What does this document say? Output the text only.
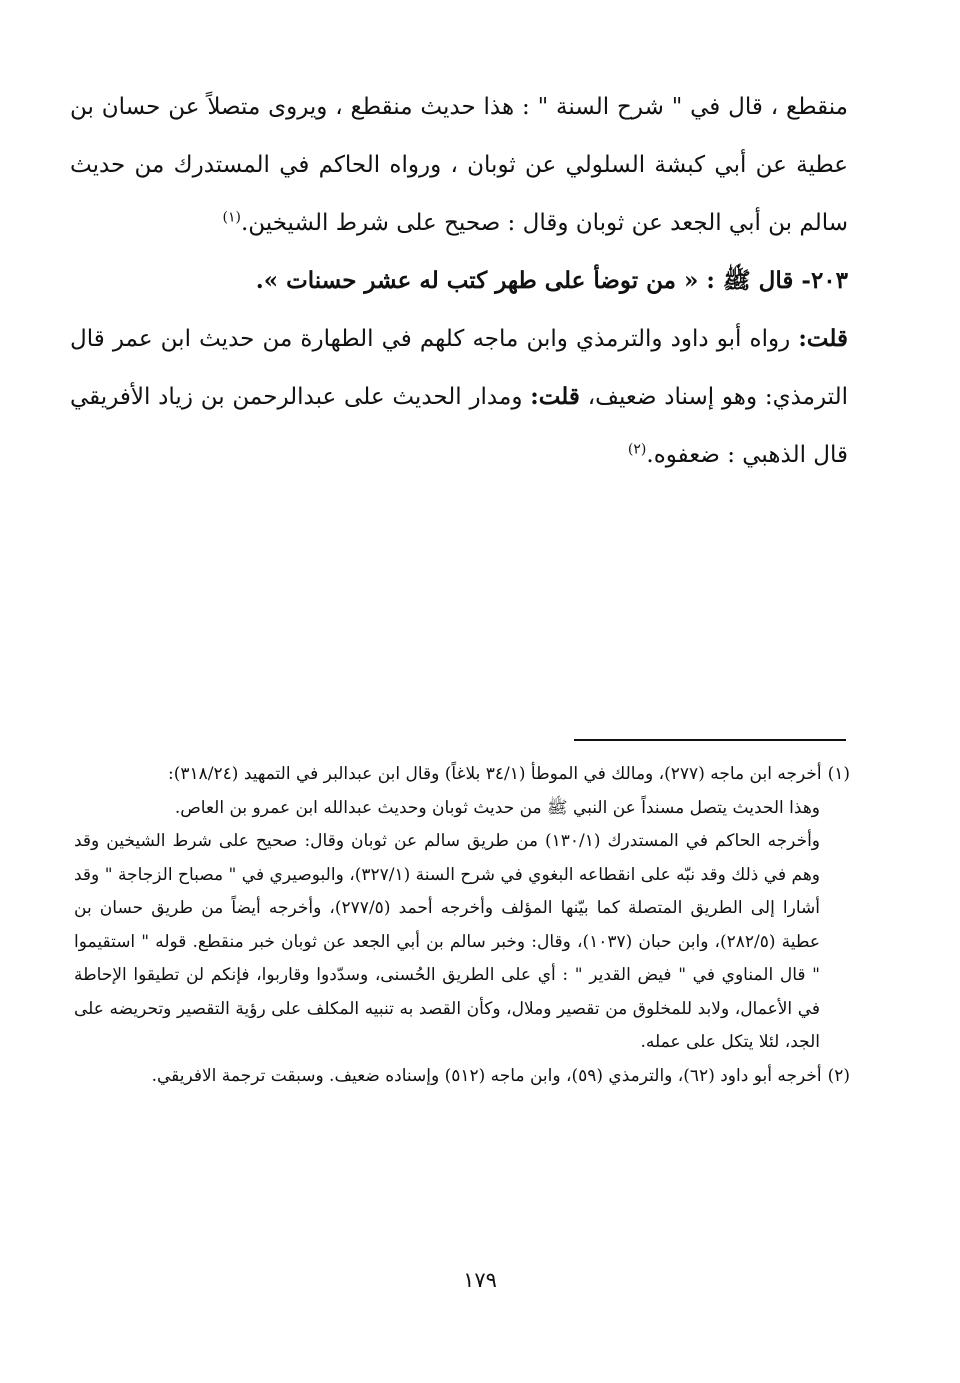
منقطع ، قال في " شرح السنة " : هذا حديث منقطع ، ويروى متصلاً عن حسان بن عطية عن أبي كبشة السلولي عن ثوبان ، ورواه الحاكم في المستدرك من حديث سالم بن أبي الجعد عن ثوبان وقال : صحيح على شرط الشيخين.$^{(١)}$

٢٠٣- قال ﷺ : « من توضأ على طهر كتب له عشر حسنات ».

قلت: رواه أبو داود والترمذي وابن ماجه كلهم في الطهارة من حديث ابن عمر قال الترمذي: وهو إسناد ضعيف، قلت: ومدار الحديث على عبدالرحمن بن زياد الأفريقي قال الذهبي : ضعفوه.$^{(٢)}$

(١)أخرجه ابن ماجه (٢٧٧)، ومالك في الموطأ (٣٤/١ بلاغاً) وقال ابن عبدالبر في التمهيد (٣١٨/٢٤):

وهذا الحديث يتصل مسنداً عن النبي ﷺ من حديث ثوبان وحديث عبدالله ابن عمرو بن العاص.

وأخرجه الحاكم في المستدرك (١٣٠/١) من طريق سالم عن ثوبان وقال: صحيح على شرط الشيخين وقد وهم في ذلك وقد نبّه على انقطاعه البغوي في شرح السنة (٣٢٧/١)، والبوصيري في " مصباح الزجاجة " وقد أشارا إلى الطريق المتصلة كما بيّنها المؤلف وأخرجه أحمد (٢٧٧/٥)، وأخرجه أيضاً من طريق حسان بن عطية (٢٨٢/٥)، وابن حبان (١٠٣٧)، وقال: وخبر سالم بن أبي الجعد عن ثوبان خبر منقطع. قوله " استقيموا " قال المناوي في " فيض القدير " : أي على الطريق الحُسنى، وسدّدوا وقاربوا، فإنكم لن تطيقوا الإحاطة في الأعمال، ولابد للمخلوق من تقصير وملال، وكأن القصد به تنبيه المكلف على رؤية التقصير وتحريضه على الجد، لئلا يتكل على عمله.

(٢)أخرجه أبو داود (٦٢)، والترمذي (٥٩)، وابن ماجه (٥١٢) وإسناده ضعيف. وسبقت ترجمة الافريقي.

١٧٩
